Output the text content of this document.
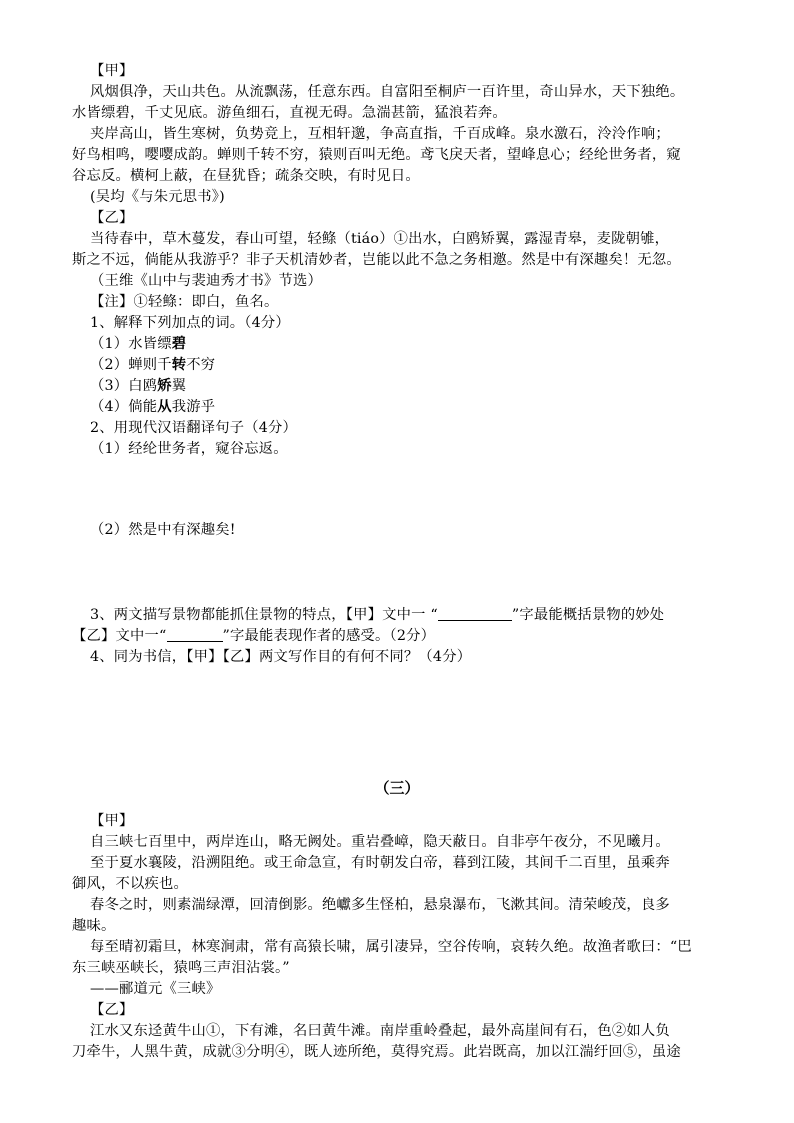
【甲】
风烟俱净，天山共色。从流飘荡，任意东西。自富阳至桐庐一百许里，奇山异水，天下独绝。
水皆缥碧，千丈见底。游鱼细石，直视无碍。急湍甚箭，猛浪若奔。
夹岸高山，皆生寒树，负势竞上，互相轩邈，争高直指，千百成峰。泉水激石，泠泠作响；
好鸟相鸣，嘤嘤成韵。蝉则千转不穷，猿则百叫无绝。鸢飞戾天者，望峰息心；经纶世务者，窥
谷忘反。横柯上蔽，在昼犹昏；疏条交映，有时见日。
(吴均《与朱元思书》)
【乙】
当待春中，草木蔓发，春山可望，轻鲦（tiáo）①出水，白鸥矫翼，露湿青皋，麦陇朝雊，
斯之不远，倘能从我游乎？非子天机清妙者，岂能以此不急之务相邀。然是中有深趣矣！无忽。
（王维《山中与裴迪秀才书》节选）
【注】①轻鲦：即白，鱼名。
1、解释下列加点的词。（4分）
（1）水皆缥碧
（2）蝉则千转不穷
（3）白鸥矫翼
（4）倘能从我游乎
2、用现代汉语翻译句子（4分）
（1）经纶世务者，窥谷忘返。
（2）然是中有深趣矣!
3、两文描写景物都能抓住景物的特点，【甲】文中一 “	”字最能概括景物的妙处
【乙】文中一“	”字最能表现作者的感受。（2分）
4、同为书信，【甲】【乙】两文写作目的有何不同？（4分）
（三）
【甲】
自三峡七百里中，两岸连山，略无阙处。重岩叠嶂，隐天蔽日。自非亭午夜分，不见曦月。
至于夏水襄陵，沿溯阻绝。或王命急宣，有时朝发白帝，暮到江陵，其间千二百里，虽乘奔
御风，不以疾也。
春冬之时，则素湍绿潭，回清倒影。绝巘多生怪柏，悬泉瀑布，飞漱其间。清荣峻茂，良多
趣味。
每至晴初霜旦，林寒涧肃，常有高猿长啸，属引凄异，空谷传响，哀转久绝。故渔者歌曰：“巴
东三峡巫峡长，猿鸣三声泪沾裳。”
——郦道元《三峡》
【乙】
江水又东迳黄牛山①，下有滩，名曰黄牛滩。南岸重岭叠起，最外高崖间有石，色②如人负
刀牵牛，人黑牛黄，成就③分明④，既人迹所绝，莫得究焉。此岩既高，加以江湍纡回⑤，虽途
